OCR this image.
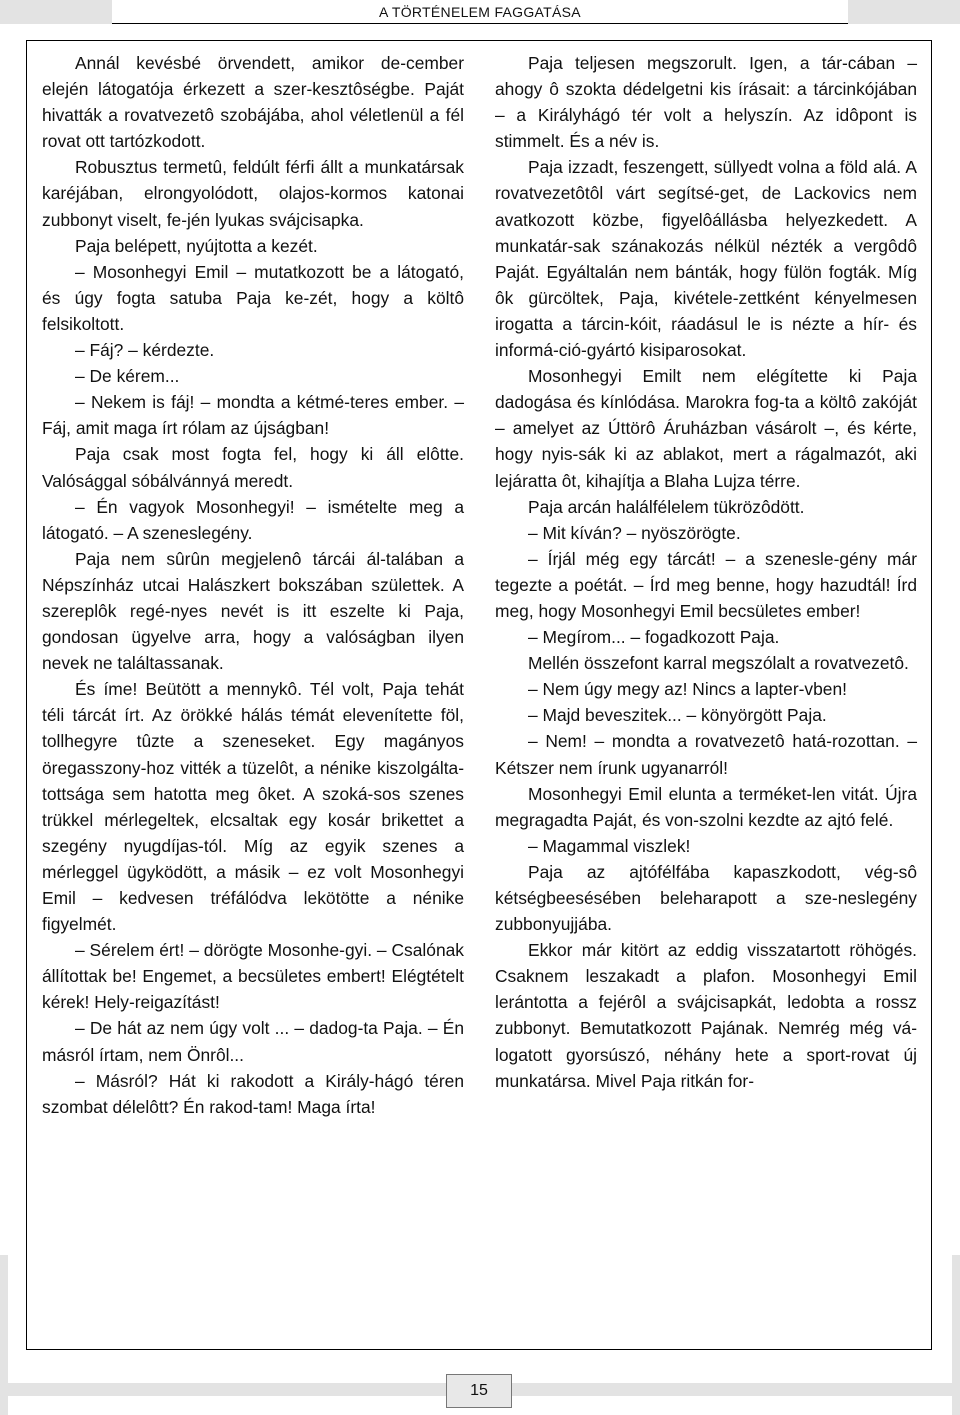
A TÖRTÉNELEM FAGGATÁSA

Annál kevésbé örvendett, amikor de-cember elején látogatója érkezett a szer-kesztôségbe. Paját hivatták a rovatvezetô szobájába, ahol véletlenül a fél rovat ott tartózkodott.

Robusztus termetû, feldúlt férfi állt a munkatársak karéjában, elrongyolódott, olajos-kormos katonai zubbonyt viselt, fe-jén lyukas svájcisapka.

Paja belépett, nyújtotta a kezét.

– Mosonhegyi Emil – mutatkozott be a látogató, és úgy fogta satuba Paja ke-zét, hogy a költô felsikoltott.

– Fáj? – kérdezte.

– De kérem...

– Nekem is fáj! – mondta a kétmé-teres ember. – Fáj, amit maga írt rólam az újságban!

Paja csak most fogta fel, hogy ki áll elôtte. Valósággal sóbálvánnyá meredt.

– Én vagyok Mosonhegyi! – ismételte meg a látogató. – A szeneslegény.

Paja nem sûrûn megjelenô tárcái ál-talában a Népszínház utcai Halászkert bokszában születtek. A szereplôk regé-nyes nevét is itt eszelte ki Paja, gondosan ügyelve arra, hogy a valóságban ilyen nevek ne találtassanak.

És íme! Beütött a mennykô. Tél volt, Paja tehát téli tárcát írt. Az örökké hálás témát elevenítette föl, tollhegyre tûzte a szeneseket. Egy magányos öregasszony-hoz vitték a tüzelôt, a nénike kiszolgálta-tottsága sem hatotta meg ôket. A szoká-sos szenes trükkel mérlegeltek, elcsaltak egy kosár brikettet a szegény nyugdíjas-tól. Míg az egyik szenes a mérleggel ügyködött, a másik – ez volt Mosonhegyi Emil – kedvesen tréfálódva lekötötte a nénike figyelmét.

– Sérelem ért! – dörögte Mosonhe-gyi. – Csalónak állítottak be! Engemet, a becsületes embert! Elégtételt kérek! Hely-reigazítást!

– De hát az nem úgy volt ... – dadog-ta Paja. – Én másról írtam, nem Önrôl...

– Másról? Hát ki rakodott a Király-hágó téren szombat délelôtt? Én rakod-tam! Maga írta!

Paja teljesen megszorult. Igen, a tár-cában – ahogy ô szokta dédelgetni kis írásait: a tárcinkójában – a Királyhágó tér volt a helyszín. Az idôpont is stimmelt. És a név is.

Paja izzadt, feszengett, süllyedt volna a föld alá. A rovatvezetôtôl várt segítsé-get, de Lackovics nem avatkozott közbe, figyelôállásba helyezkedett. A munkatár-sak szánakozás nélkül nézték a vergôdô Paját. Egyáltalán nem bánták, hogy fülön fogták. Míg ôk gürcöltek, Paja, kivétele-zettként kényelmesen irogatta a tárcin-kóit, ráadásul le is nézte a hír- és informá-ció-gyártó kisiparosokat.

Mosonhegyi Emilt nem elégítette ki Paja dadogása és kínlódása. Marokra fog-ta a költô zakóját – amelyet az Úttörô Áruházban vásárolt –, és kérte, hogy nyis-sák ki az ablakot, mert a rágalmazót, aki lejáratta ôt, kihajítja a Blaha Lujza térre.

Paja arcán halálfélelem tükrözôdött.

– Mit kíván? – nyöszörögte.

– Írjál még egy tárcát! – a szenesle-gény már tegezte a poétát. – Írd meg benne, hogy hazudtál! Írd meg, hogy Mosonhegyi Emil becsületes ember!

– Megírom... – fogadkozott Paja.

Mellén összefont karral megszólalt a rovatvezetô.

– Nem úgy megy az! Nincs a lapter-vben!

– Majd beveszitek... – könyörgött Paja.

– Nem! – mondta a rovatvezetô hatá-rozottan. – Kétszer nem írunk ugyanarról!

Mosonhegyi Emil elunta a terméket-len vitát. Újra megragadta Paját, és von-szolni kezdte az ajtó felé.

– Magammal viszlek!

Paja az ajtófélfába kapaszkodott, vég-sô kétségbeesésében beleharapott a sze-neslegény zubbonyujjába.

Ekkor már kitört az eddig visszatartott röhögés. Csaknem leszakadt a plafon. Mosonhegyi Emil lerántotta a fejérôl a svájcisapkát, ledobta a rossz zubbonyt. Bemutatkozott Pajának. Nemrég még vá-logatott gyorsúszó, néhány hete a sport-rovat új munkatársa. Mivel Paja ritkán for-

15
